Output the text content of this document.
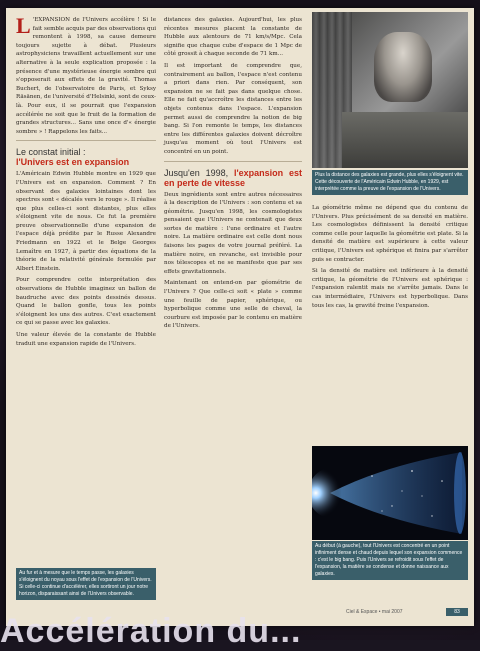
L 'EXPANSION de l'Univers accélère ! Si le fait semble acquis par des observations qui remontent à 1998, sa cause demeure toujours sujette à débat. Plusieurs astrophysiciens travaillent actuellement sur une alternative à la seule explication proposée : la présence d'une mystérieuse énergie sombre qui s'opposerait aux effets de la gravité. Thomas Buchert, de l'observatoire de Paris, et Syksy Räsänen, de l'université d'Helsinki, sont de ceux-là. Pour eux, il se pourrait que l'expansion accélérée ne soit que le fruit de la formation de grandes structures... Sans une once d'« énergie sombre » ! Rappelons les faits...

Le constat initial :
l'Univers est en expansion

L'Américain Edwin Hubble montre en 1929 que l'Univers est en expansion. Comment ? En observant des galaxies lointaines dont les spectres sont « décalés vers le rouge ». Il réalise que plus celles-ci sont distantes, plus elles s'éloignent vite de nous. Ce fut la première preuve observationnelle d'une expansion de l'espace déjà prédite par le Russe Alexandre Friedmann en 1922 et le Belge Georges Lemaître en 1927, à partir des équations de la théorie de la relativité générale formulée par Albert Einstein.

Pour comprendre cette interprétation des observations de Hubble imaginez un ballon de baudruche avec des points dessinés dessus. Quand le ballon gonfle, tous les points s'éloignent les uns des autres. C'est exactement ce qui se passe avec les galaxies.

Une valeur élevée de la constante de Hubble traduit une expansion rapide de l'Univers.

distances des galaxies. Aujourd'hui, les plus récentes mesures placent la constante de Hubble aux alentours de 71 km/s/Mpc. Cela signifie que chaque cube d'espace de 1 Mpc de côté grossit à chaque seconde de 71 km...

Il est important de comprendre que, contrairement au ballon, l'espace n'est contenu a priori dans rien. Par conséquent, son expansion ne se fait pas dans quelque chose. Elle ne fait qu'accroître les distances entre les objets contenus dans l'espace. L'expansion permet aussi de comprendre la notion de big bang. Si l'on remonte le temps, les distances entre les différentes galaxies doivent décroître jusqu'au moment où tout l'Univers est concentré en un point.

Jusqu'en 1998, l'expansion est en perte de vitesse

Deux ingrédients sont entre autres nécessaires à la description de l'Univers : son contenu et sa géométrie. Jusqu'en 1998, les cosmologistes pensaient que l'Univers ne contenait que deux sortes de matière : l'une ordinaire et l'autre noire. La matière ordinaire est celle dont nous faisons les pages de votre journal préféré. La matière noire, en revanche, est invisible pour nos télescopes et ne se manifeste que par ses effets gravitationnels.

Maintenant on entend-on par géométrie de l'Univers ? Que celle-ci soit « plate » comme une feuille de papier, sphérique, ou hyperbolique comme une selle de cheval, la courbure est imposée par le contenu en matière de l'Univers.

Plus la distance des galaxies est grande, plus elles s'éloignent vite. Cette découverte de l'Américain Edwin Hubble, en 1929, est interprétée comme la preuve de l'expansion de l'Univers.

La géométrie même ne dépend que du contenu de l'Univers. Plus précisément de sa densité en matière. Les cosmologistes définissent la densité critique comme celle pour laquelle la géométrie est plate. Si la densité de matière est supérieure à cette valeur critique, l'Univers est sphérique et finira par s'arrêter puis se contracter.

Si la densité de matière est inférieure à la densité critique, la géométrie de l'Univers est sphérique : l'expansion ralentit mais ne s'arrête jamais. Dans le cas intermédiaire, l'Univers est hyperbolique. Dans tous les cas, la gravité freine l'expansion.

Au début (à gauche), tout l'Univers est concentré en un point infiniment dense et chaud depuis lequel son expansion commence : c'est le big bang. Puis l'Univers se refroidit sous l'effet de l'expansion, la matière se condense et donne naissance aux galaxies.
Au fur et à mesure que le temps passe, les galaxies s'éloignent du noyau sous l'effet de l'expansion de l'Univers. Si celle-ci continue d'accélérer, elles sortiront un jour notre horizon, disparaissant ainsi de l'Univers observable.
Ciel & Espace • mai 2007	83
Accélération du...
